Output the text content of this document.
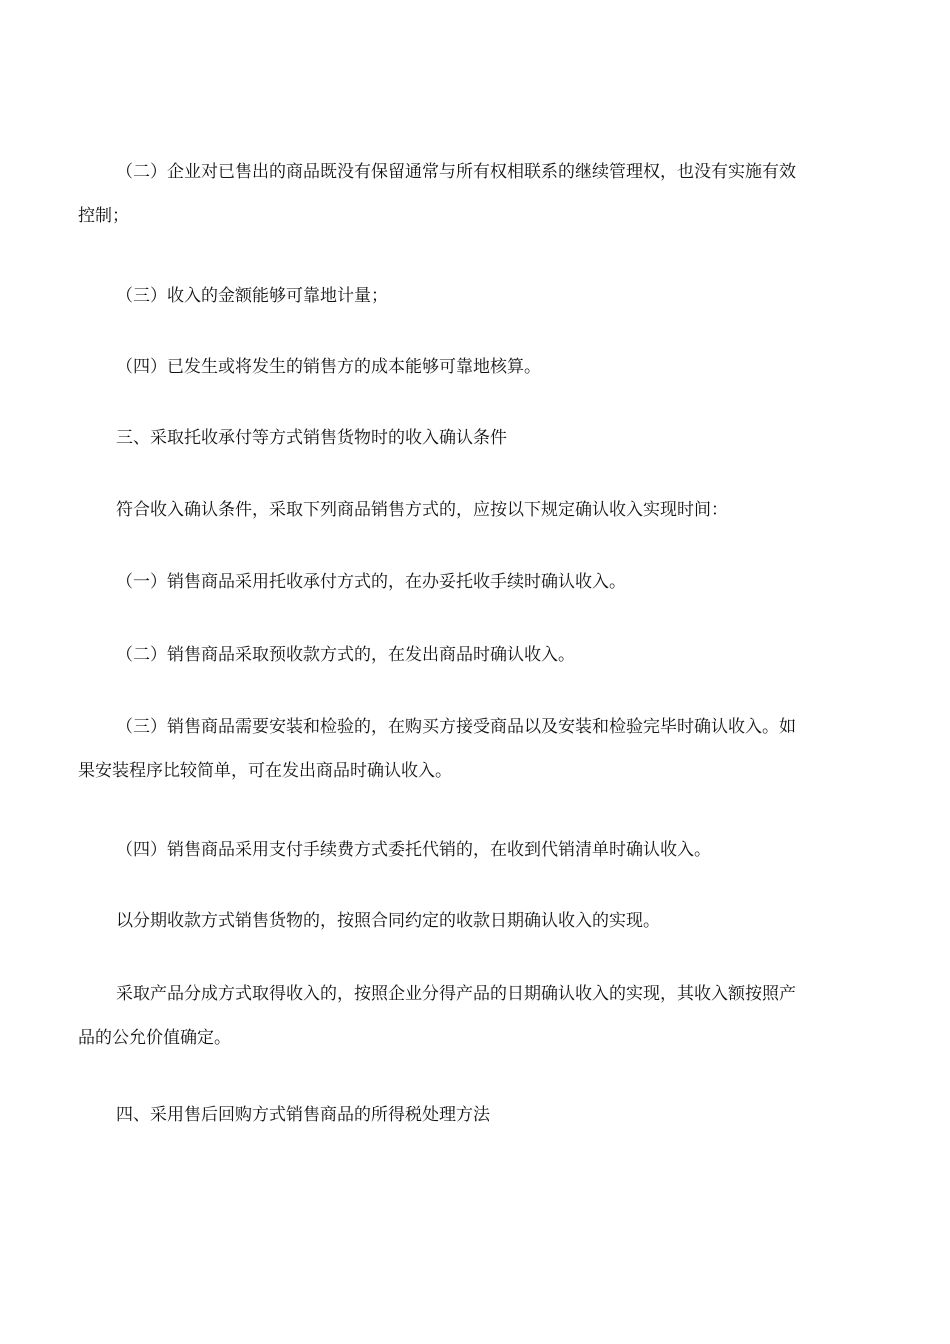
（二）企业对已售出的商品既没有保留通常与所有权相联系的继续管理权，也没有实施有效
控制；
（三）收入的金额能够可靠地计量；
（四）已发生或将发生的销售方的成本能够可靠地核算。
三、采取托收承付等方式销售货物时的收入确认条件
符合收入确认条件，采取下列商品销售方式的，应按以下规定确认收入实现时间：
（一）销售商品采用托收承付方式的，在办妥托收手续时确认收入。
（二）销售商品采取预收款方式的，在发出商品时确认收入。
（三）销售商品需要安装和检验的，在购买方接受商品以及安装和检验完毕时确认收入。如
果安装程序比较简单，可在发出商品时确认收入。
（四）销售商品采用支付手续费方式委托代销的，在收到代销清单时确认收入。
以分期收款方式销售货物的，按照合同约定的收款日期确认收入的实现。
采取产品分成方式取得收入的，按照企业分得产品的日期确认收入的实现，其收入额按照产
品的公允价值确定。
四、采用售后回购方式销售商品的所得税处理方法
